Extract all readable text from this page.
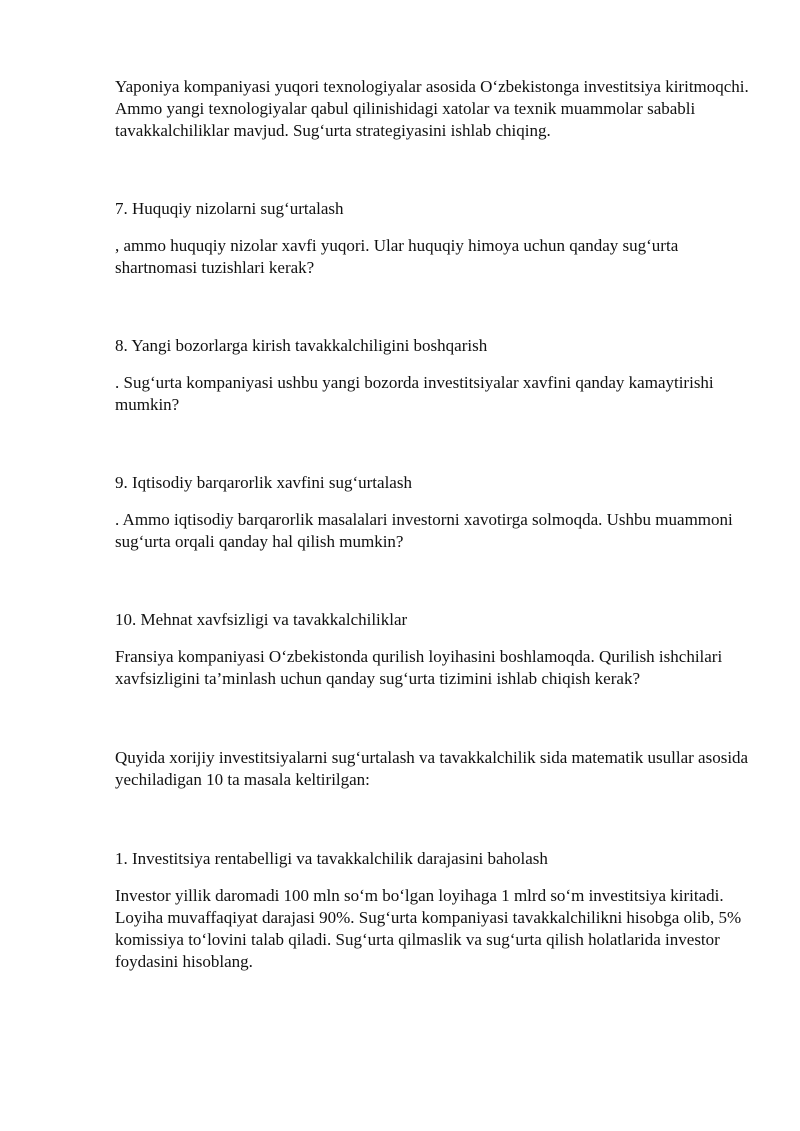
Yaponiya kompaniyasi yuqori texnologiyalar asosida O‘zbekistonga investitsiya kiritmoqchi. Ammo yangi texnologiyalar qabul qilinishidagi xatolar va texnik muammolar sababli tavakkalchiliklar mavjud. Sug‘urta strategiyasini ishlab chiqing.

7. Huquqiy nizolarni sug‘urtalash

, ammo huquqiy nizolar xavfi yuqori. Ular huquqiy himoya uchun qanday sug‘urta shartnomasi tuzishlari kerak?

8. Yangi bozorlarga kirish tavakkalchiligini boshqarish

. Sug‘urta kompaniyasi ushbu yangi bozorda investitsiyalar xavfini qanday kamaytirishi mumkin?

9. Iqtisodiy barqarorlik xavfini sug‘urtalash

. Ammo iqtisodiy barqarorlik masalalari investorni xavotirga solmoqda. Ushbu muammoni sug‘urta orqali qanday hal qilish mumkin?

10. Mehnat xavfsizligi va tavakkalchiliklar

Fransiya kompaniyasi O‘zbekistonda qurilish loyihasini boshlamoqda. Qurilish ishchilari xavfsizligini ta’minlash uchun qanday sug‘urta tizimini ishlab chiqish kerak?

Quyida xorijiy investitsiyalarni sug‘urtalash va tavakkalchilik sida matematik usullar asosida yechiladigan 10 ta masala keltirilgan:

1. Investitsiya rentabelligi va tavakkalchilik darajasini baholash

Investor yillik daromadi 100 mln so‘m bo‘lgan loyihaga 1 mlrd so‘m investitsiya kiritadi. Loyiha muvaffaqiyat darajasi 90%. Sug‘urta kompaniyasi tavakkalchilikni hisobga olib, 5% komissiya to‘lovini talab qiladi. Sug‘urta qilmaslik va sug‘urta qilish holatlarida investor foydasini hisoblang.
